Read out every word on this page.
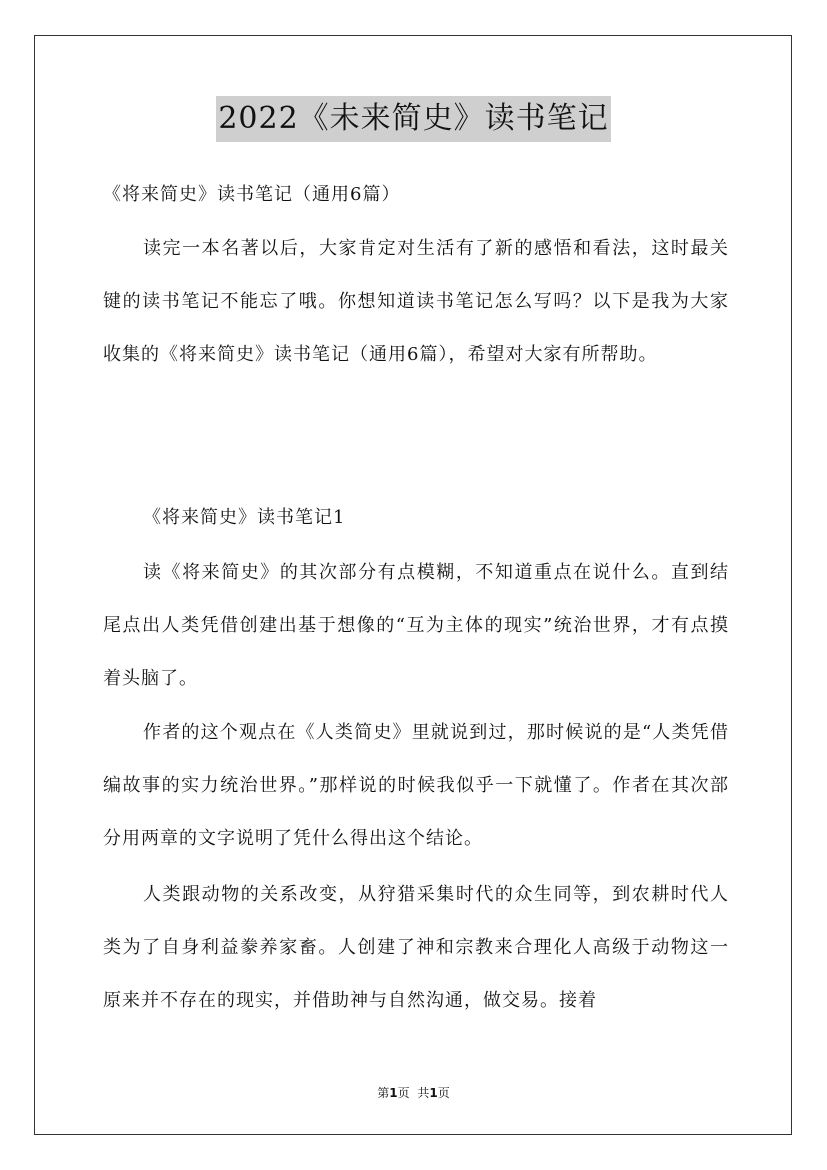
2022《未来简史》读书笔记
《将来简史》读书笔记（通用6篇）

读完一本名著以后，大家肯定对生活有了新的感悟和看法，这时最关键的读书笔记不能忘了哦。你想知道读书笔记怎么写吗？以下是我为大家收集的《将来简史》读书笔记（通用6篇），希望对大家有所帮助。

《将来简史》读书笔记1

读《将来简史》的其次部分有点模糊，不知道重点在说什么。直到结尾点出人类凭借创建出基于想像的“互为主体的现实”统治世界，才有点摸着头脑了。

作者的这个观点在《人类简史》里就说到过，那时候说的是“人类凭借编故事的实力统治世界。”那样说的时候我似乎一下就懂了。作者在其次部分用两章的文字说明了凭什么得出这个结论。

人类跟动物的关系改变，从狩猎采集时代的众生同等，到农耕时代人类为了自身利益豢养家畜。人创建了神和宗教来合理化人高级于动物这一原来并不存在的现实，并借助神与自然沟通，做交易。接着

第1页 共1页
